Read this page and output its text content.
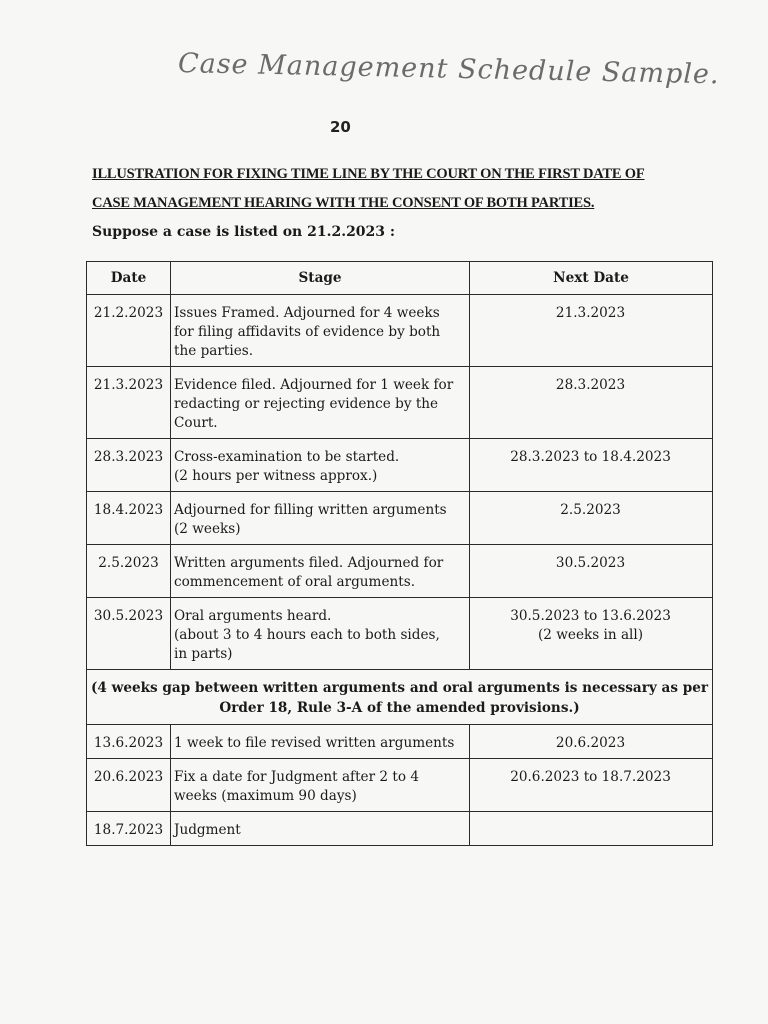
Case Management Schedule Sample.
20
ILLUSTRATION FOR FIXING TIME LINE BY THE COURT ON THE FIRST DATE OF
CASE MANAGEMENT HEARING WITH THE CONSENT OF BOTH PARTIES.
Suppose a case is listed on 21.2.2023 :
Date	Stage	Next Date
21.2.2023	Issues Framed. Adjourned for 4 weeks
for filing affidavits of evidence by both
the parties.	21.3.2023

21.3.2023	Evidence filed. Adjourned for 1 week for
redacting or rejecting evidence by the
Court.	28.3.2023

28.3.2023	Cross-examination to be started.
(2 hours per witness approx.)	28.3.2023 to 18.4.2023

18.4.2023	Adjourned for filling written arguments
(2 weeks)	2.5.2023

2.5.2023	Written arguments filed. Adjourned for
commencement of oral arguments.	30.5.2023

30.5.2023	Oral arguments heard.
(about 3 to 4 hours each to both sides,
in parts)	30.5.2023 to 13.6.2023
(2 weeks in all)

(4 weeks gap between written arguments and oral arguments is necessary as per
Order 18, Rule 3-A of the amended provisions.)		

13.6.2023	1 week to file revised written arguments	20.6.2023

20.6.2023	Fix a date for Judgment after 2 to 4
weeks (maximum 90 days)	20.6.2023 to 18.7.2023

18.7.2023	Judgment	
